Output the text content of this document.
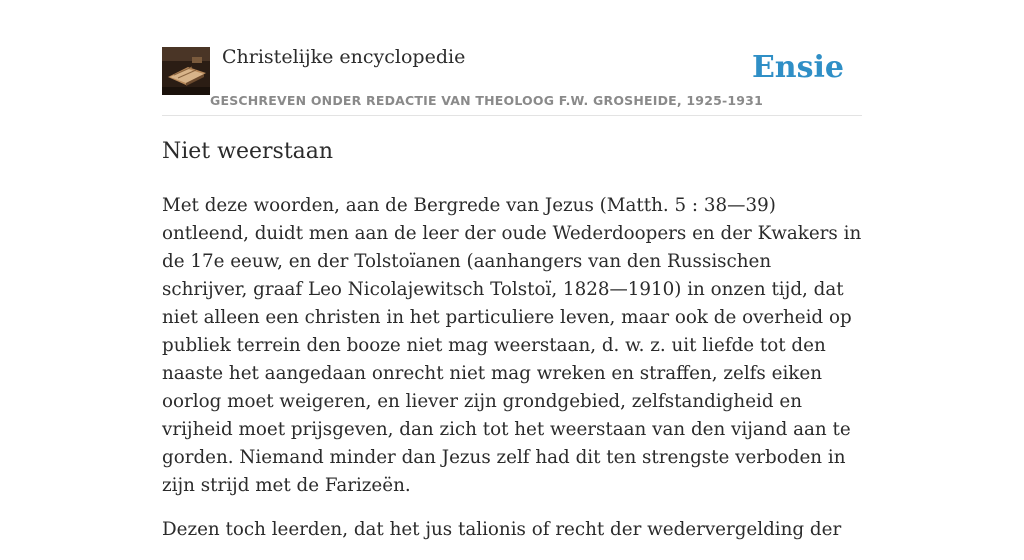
Christelijke encyclopedie
GESCHREVEN ONDER REDACTIE VAN THEOLOOG F.W. GROSHEIDE, 1925-1931
Ensie
Niet weerstaan

Met deze woorden, aan de Bergrede van Jezus (Matth. 5 : 38—39) ontleend, duidt men aan de leer der oude Wederdoopers en der Kwakers in de 17e eeuw, en der Tolstoïanen (aanhangers van den Russischen schrijver, graaf Leo Nicolajewitsch Tolstoï, 1828—1910) in onzen tijd, dat niet alleen een christen in het particuliere leven, maar ook de overheid op publiek terrein den booze niet mag weerstaan, d. w. z. uit liefde tot den naaste het aangedaan onrecht niet mag wreken en straffen, zelfs eiken oorlog moet weigeren, en liever zijn grondgebied, zelfstandigheid en vrijheid moet prijsgeven, dan zich tot het weerstaan van den vijand aan te gorden. Niemand minder dan Jezus zelf had dit ten strengste verboden in zijn strijd met de Farizeën.

Dezen toch leerden, dat het jus talionis of recht der wedervergelding der
